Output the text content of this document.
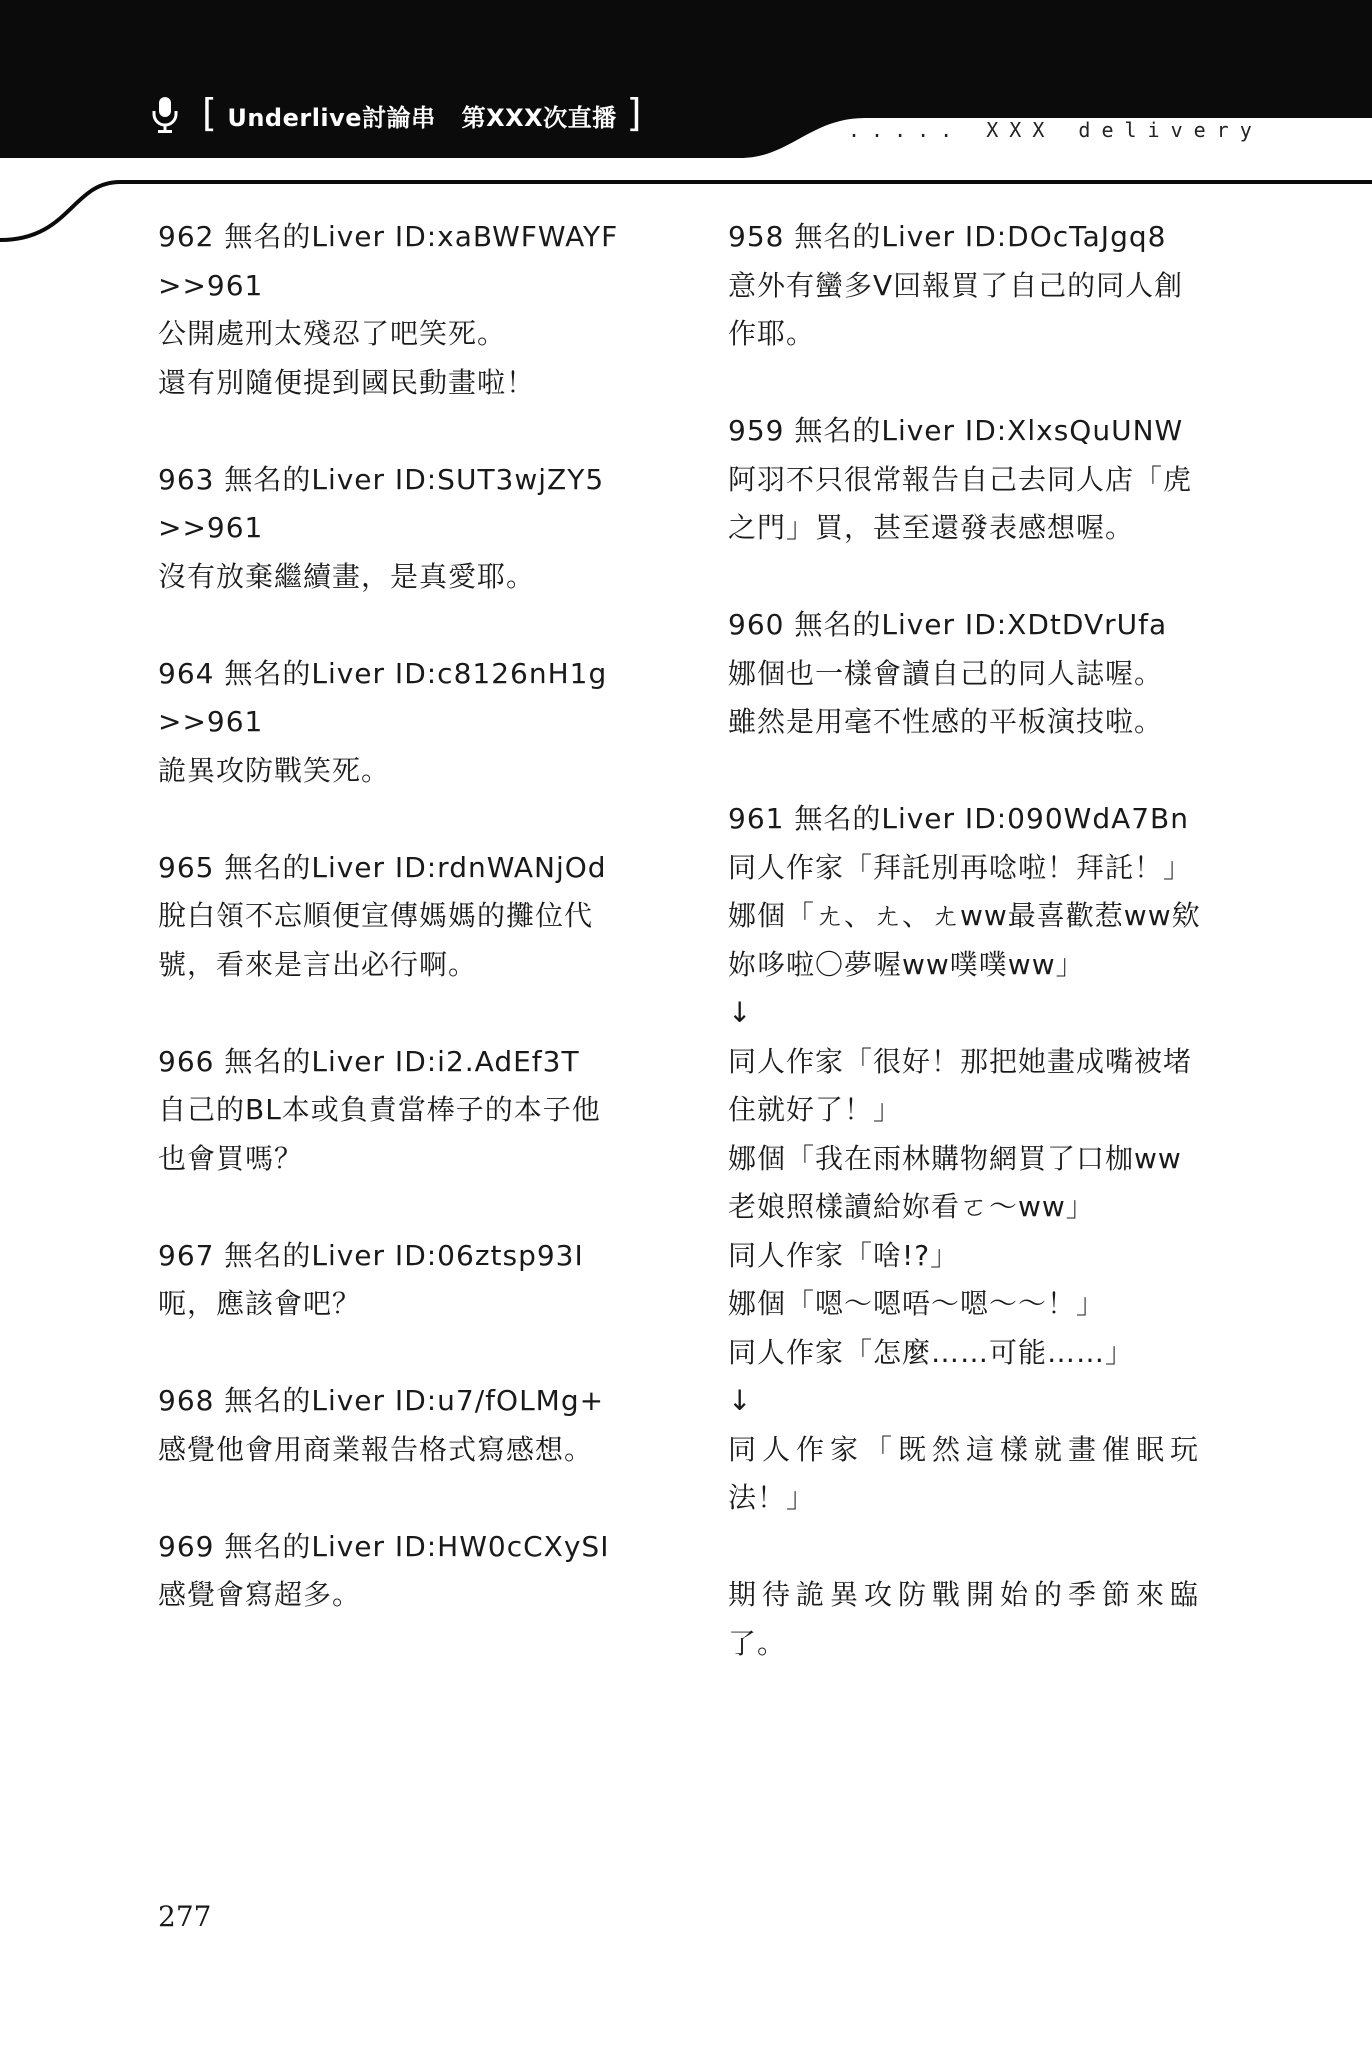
[ Underlive討論串 第XXX次直播 ]	..... XXX delivery
962 無名的Liver ID:xaBWFWAYF
>>961
公開處刑太殘忍了吧笑死。
還有別隨便提到國民動畫啦！
963 無名的Liver ID:SUT3wjZY5
>>961
沒有放棄繼續畫，是真愛耶。
964 無名的Liver ID:c8126nH1g
>>961
詭異攻防戰笑死。
965 無名的Liver ID:rdnWANjOd
脫白領不忘順便宣傳媽媽的攤位代
號，看來是言出必行啊。
966 無名的Liver ID:i2.AdEf3T
自己的BL本或負責當棒子的本子他
也會買嗎？
967 無名的Liver ID:06ztsp93I
呃，應該會吧？
968 無名的Liver ID:u7/fOLMg+
感覺他會用商業報告格式寫感想。
969 無名的Liver ID:HW0cCXySI
感覺會寫超多。
958 無名的Liver ID:DOcTaJgq8
意外有蠻多V回報買了自己的同人創
作耶。
959 無名的Liver ID:XlxsQuUNW
阿羽不只很常報告自己去同人店「虎
之門」買，甚至還發表感想喔。
960 無名的Liver ID:XDtDVrUfa
娜個也一樣會讀自己的同人誌喔。
雖然是用毫不性感的平板演技啦。
961 無名的Liver ID:090WdA7Bn
同人作家「拜託別再唸啦！拜託！」
娜個「ㄤ、ㄤ、ㄤww最喜歡惹ww欸
妳哆啦〇夢喔ww噗噗ww」
↓
同人作家「很好！那把她畫成嘴被堵
住就好了！」
娜個「我在雨林購物網買了口枷ww
老娘照樣讀給妳看ㄛ～ww」
同人作家「啥!?」
娜個「嗯～嗯唔～嗯～～！」
同人作家「怎麼……可能……」
↓
同人作家「既然這樣就畫催眠玩
法！」
期待詭異攻防戰開始的季節來臨
了。
277
